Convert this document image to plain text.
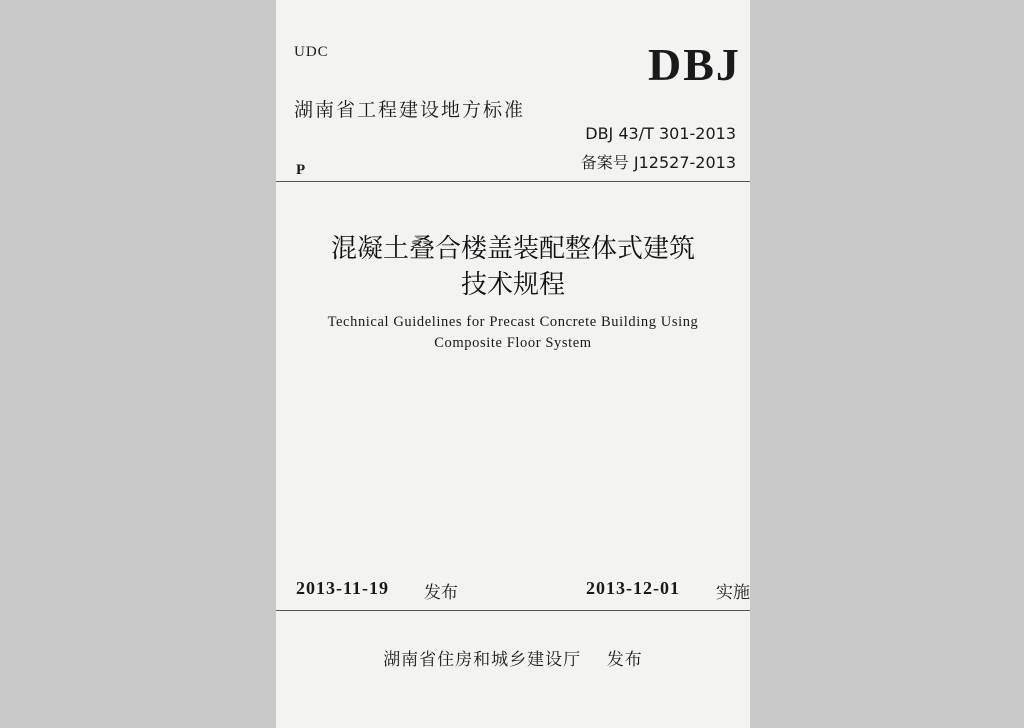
UDC	DBJ
湖南省工程建设地方标准
DBJ 43/T 301-2013
备案号 J12527-2013
P
混凝土叠合楼盖装配整体式建筑
技术规程
Technical Guidelines for Precast Concrete Building Using
Composite Floor System
2013-11-19 发布	2013-12-01 实施
湖南省住房和城乡建设厅 发布
